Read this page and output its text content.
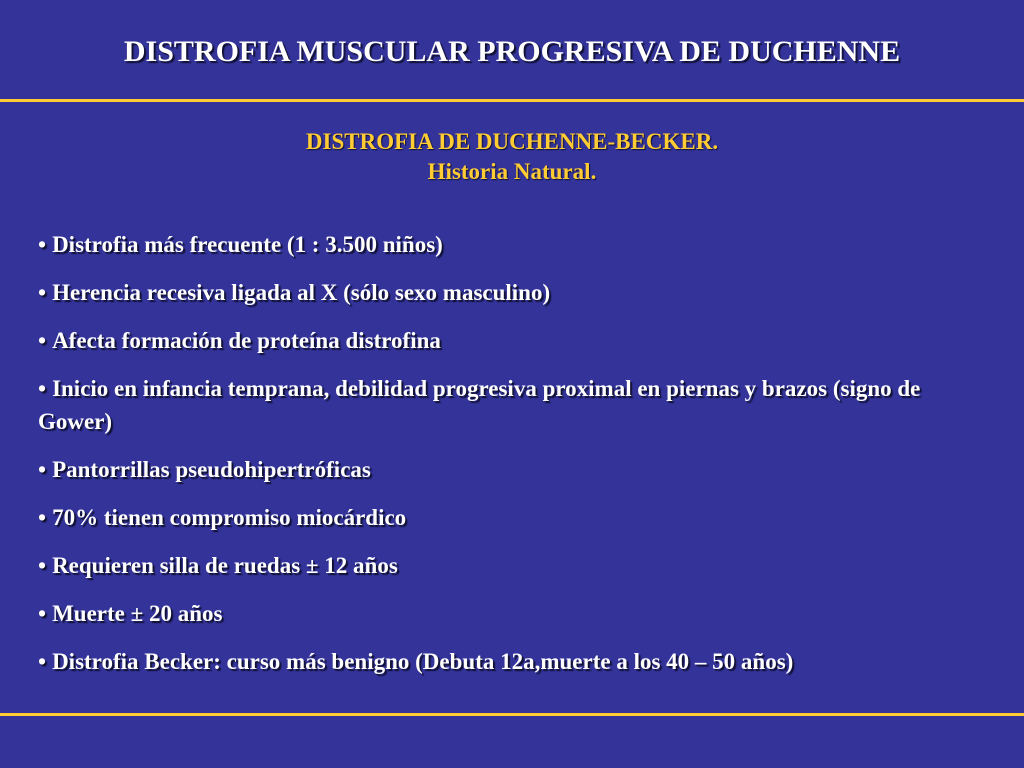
DISTROFIA MUSCULAR PROGRESIVA DE DUCHENNE
DISTROFIA DE DUCHENNE-BECKER.
Historia Natural.
• Distrofia más frecuente (1 : 3.500 niños)
• Herencia recesiva ligada al X (sólo sexo masculino)
• Afecta formación de proteína distrofina
• Inicio en infancia temprana, debilidad progresiva proximal en piernas y brazos (signo de Gower)
• Pantorrillas pseudohipertróficas
• 70% tienen compromiso miocárdico
• Requieren silla de ruedas ± 12 años
• Muerte ± 20 años
• Distrofia Becker: curso más benigno (Debuta 12a,muerte a los 40 – 50 años)
